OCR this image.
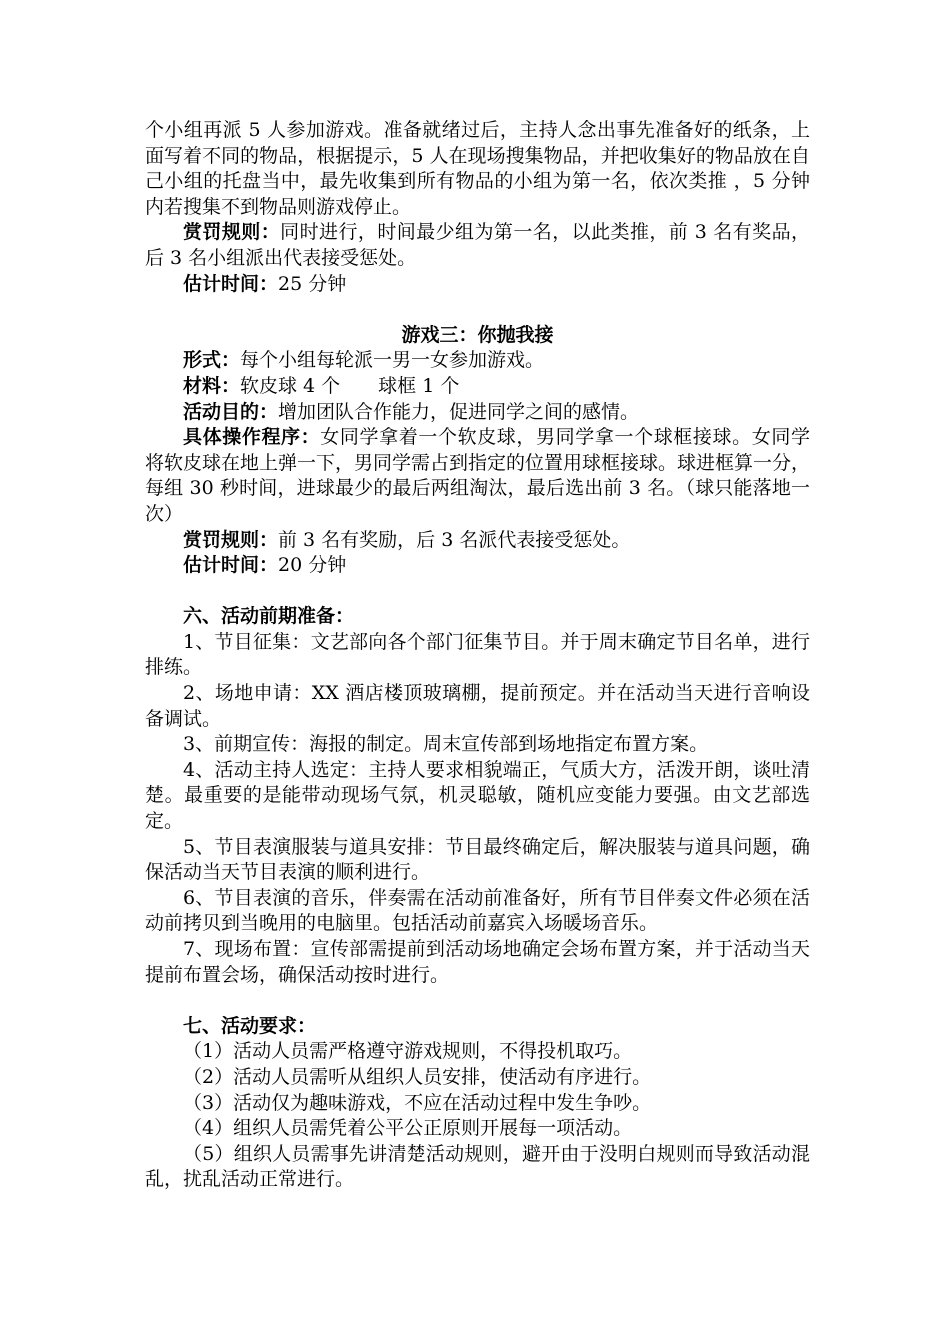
个小组再派 5 人参加游戏。准备就绪过后，主持人念出事先准备好的纸条，上面写着不同的物品，根据提示，5 人在现场搜集物品，并把收集好的物品放在自己小组的托盘当中，最先收集到所有物品的小组为第一名，依次类推 ，5 分钟内若搜集不到物品则游戏停止。

赏罚规则：同时进行，时间最少组为第一名，以此类推，前 3 名有奖品，后 3 名小组派出代表接受惩处。

估计时间：25 分钟

游戏三：你抛我接

形式：每个小组每轮派一男一女参加游戏。

材料：软皮球 4 个　　球框 1 个

活动目的：增加团队合作能力，促进同学之间的感情。

具体操作程序：女同学拿着一个软皮球，男同学拿一个球框接球。女同学将软皮球在地上弹一下，男同学需占到指定的位置用球框接球。球进框算一分，每组 30 秒时间，进球最少的最后两组淘汰，最后选出前 3 名。（球只能落地一次）

赏罚规则：前 3 名有奖励，后 3 名派代表接受惩处。

估计时间：20 分钟

六、活动前期准备：

1、节目征集：文艺部向各个部门征集节目。并于周末确定节目名单，进行排练。

2、场地申请：XX 酒店楼顶玻璃棚，提前预定。并在活动当天进行音响设备调试。

3、前期宣传：海报的制定。周末宣传部到场地指定布置方案。

4、活动主持人选定：主持人要求相貌端正，气质大方，活泼开朗，谈吐清楚。最重要的是能带动现场气氛，机灵聪敏，随机应变能力要强。由文艺部选定。

5、节目表演服装与道具安排：节目最终确定后，解决服装与道具问题，确保活动当天节目表演的顺利进行。

6、节目表演的音乐，伴奏需在活动前准备好，所有节目伴奏文件必须在活动前拷贝到当晚用的电脑里。包括活动前嘉宾入场暖场音乐。

7、现场布置：宣传部需提前到活动场地确定会场布置方案，并于活动当天提前布置会场，确保活动按时进行。

七、活动要求：

（1）活动人员需严格遵守游戏规则，不得投机取巧。

（2）活动人员需听从组织人员安排，使活动有序进行。

（3）活动仅为趣味游戏，不应在活动过程中发生争吵。

（4）组织人员需凭着公平公正原则开展每一项活动。

（5）组织人员需事先讲清楚活动规则，避开由于没明白规则而导致活动混乱，扰乱活动正常进行。
